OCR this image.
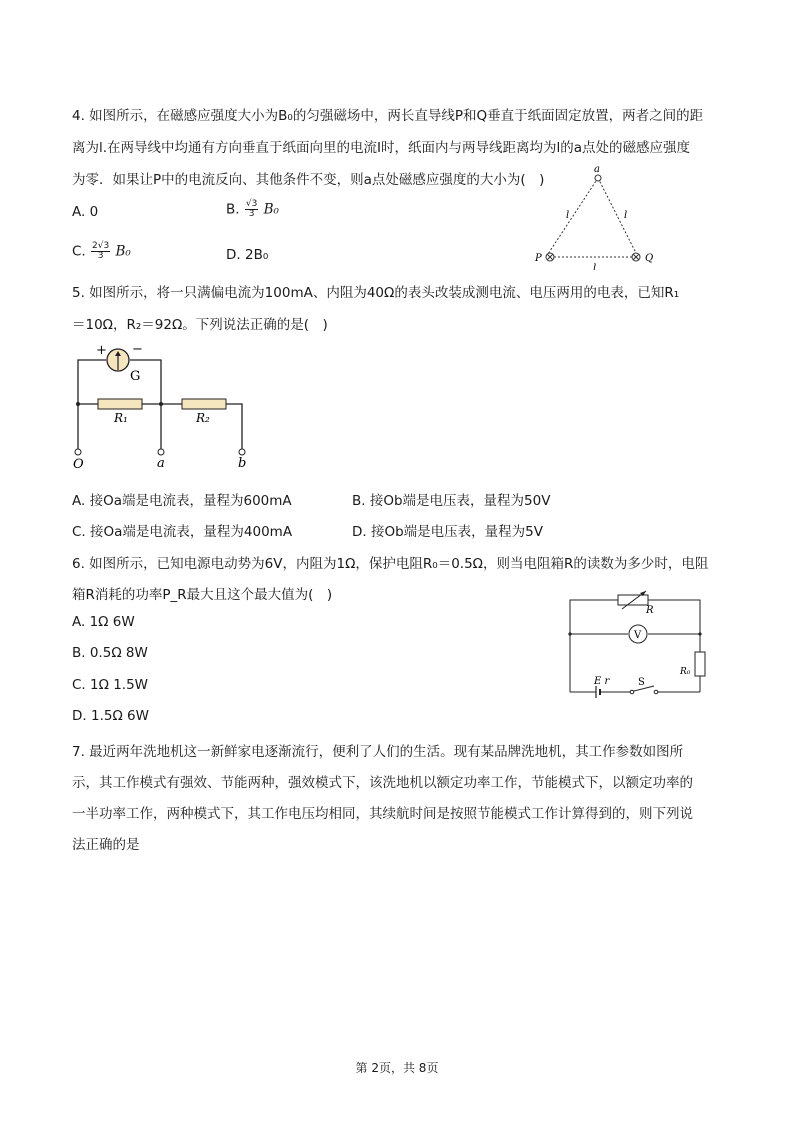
4. 如图所示，在磁感应强度大小为B₀的匀强磁场中，两长直导线P和Q垂直于纸面固定放置，两者之间的距
离为l.在两导线中均通有方向垂直于纸面向里的电流I时，纸面内与两导线距离均为l的a点处的磁感应强度
为零．如果让P中的电流反向、其他条件不变，则a点处磁感应强度的大小为(　)
A. 0	B. $\frac{√3}{3} B_0$
C. $\frac{2√3}{3} B_0$	D. 2B₀
a
l	l
l
P	Q
5. 如图所示，将一只满偏电流为100mA、内阻为40Ω的表头改装成测电流、电压两用的电表，已知R₁
＝10Ω，R₂＝92Ω。下列说法正确的是(　)
+ −
G
R₁	R₂
O	a	b
A. 接Oa端是电流表，量程为600mA	B. 接Ob端是电压表，量程为50V
C. 接Oa端是电流表，量程为400mA	D. 接Ob端是电压表，量程为5V
6. 如图所示，已知电源电动势为6V，内阻为1Ω，保护电阻R₀＝0.5Ω，则当电阻箱R的读数为多少时，电阻
箱R消耗的功率P_R最大且这个最大值为(　)
A. 1Ω 6W
B. 0.5Ω 8W
C. 1Ω 1.5W
D. 1.5Ω 6W
R
V
R₀
E r	S
7. 最近两年洗地机这一新鲜家电逐渐流行，便利了人们的生活。现有某品牌洗地机，其工作参数如图所
示，其工作模式有强效、节能两种，强效模式下，该洗地机以额定功率工作，节能模式下，以额定功率的
一半功率工作，两种模式下，其工作电压均相同，其续航时间是按照节能模式工作计算得到的，则下列说
法正确的是
第 2页，共 8页
